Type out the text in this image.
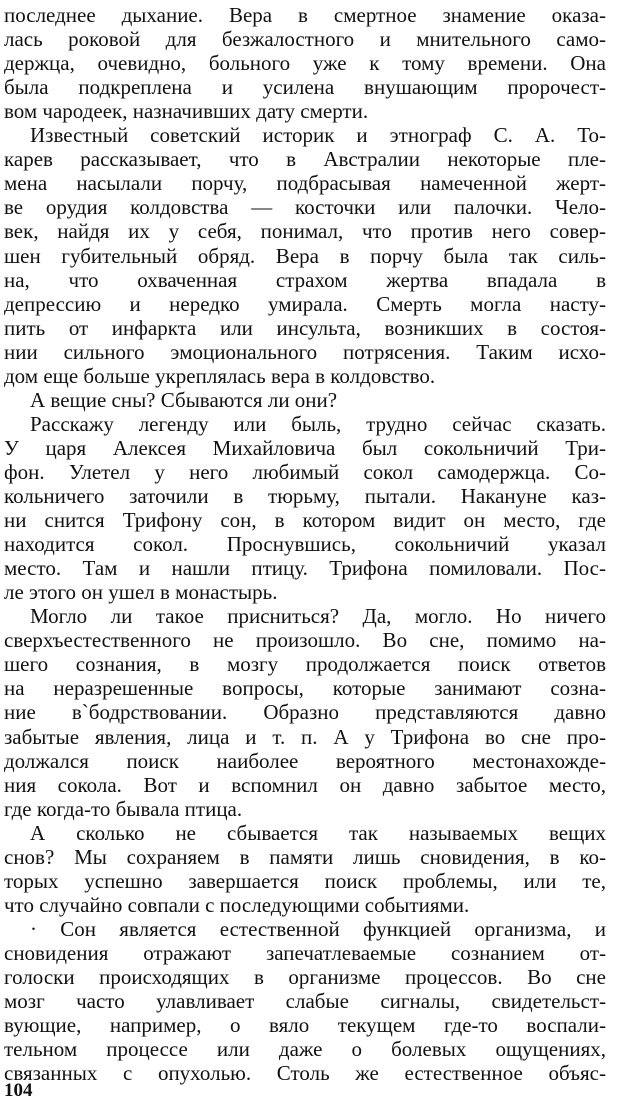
последнее дыхание. Вера в смертное знамение оказа-
лась роковой для безжалостного и мнительного само-
держца, очевидно, больного уже к тому времени. Она
была подкреплена и усилена внушающим пророчест-
вом чародеек, назначивших дату смерти.
Известный советский историк и этнограф С. А. То-
карев рассказывает, что в Австралии некоторые пле-
мена насылали порчу, подбрасывая намеченной жерт-
ве орудия колдовства — косточки или палочки. Чело-
век, найдя их у себя, понимал, что против него совер-
шен губительный обряд. Вера в порчу была так силь-
на, что охваченная страхом жертва впадала в
депрессию и нередко умирала. Смерть могла насту-
пить от инфаркта или инсульта, возникших в состоя-
нии сильного эмоционального потрясения. Таким исхо-
дом еще больше укреплялась вера в колдовство.
А вещие сны? Сбываются ли они?
Расскажу легенду или быль, трудно сейчас сказать.
У царя Алексея Михайловича был сокольничий Три-
фон. Улетел у него любимый сокол самодержца. Со-
кольничего заточили в тюрьму, пытали. Накануне каз-
ни снится Трифону сон, в котором видит он место, где
находится сокол. Проснувшись, сокольничий указал
место. Там и нашли птицу. Трифона помиловали. Пос-
ле этого он ушел в монастырь.
Могло ли такое присниться? Да, могло. Но ничего
сверхъестественного не произошло. Во сне, помимо на-
шего сознания, в мозгу продолжается поиск ответов
на неразрешенные вопросы, которые занимают созна-
ние в`бодрствовании. Образно представляются давно
забытые явления, лица и т. п. А у Трифона во сне про-
должался поиск наиболее вероятного местонахожде-
ния сокола. Вот и вспомнил он давно забытое место,
где когда-то бывала птица.
А сколько не сбывается так называемых вещих
снов? Мы сохраняем в памяти лишь сновидения, в ко-
торых успешно завершается поиск проблемы, или те,
что случайно совпали с последующими событиями.
· Сон является естественной функцией организма, и
сновидения отражают запечатлеваемые сознанием от-
голоски происходящих в организме процессов. Во сне
мозг часто улавливает слабые сигналы, свидетельст-
вующие, например, о вяло текущем где-то воспали-
тельном процессе или даже о болевых ощущениях,
связанных с опухолью. Столь же естественное объяс-
104
